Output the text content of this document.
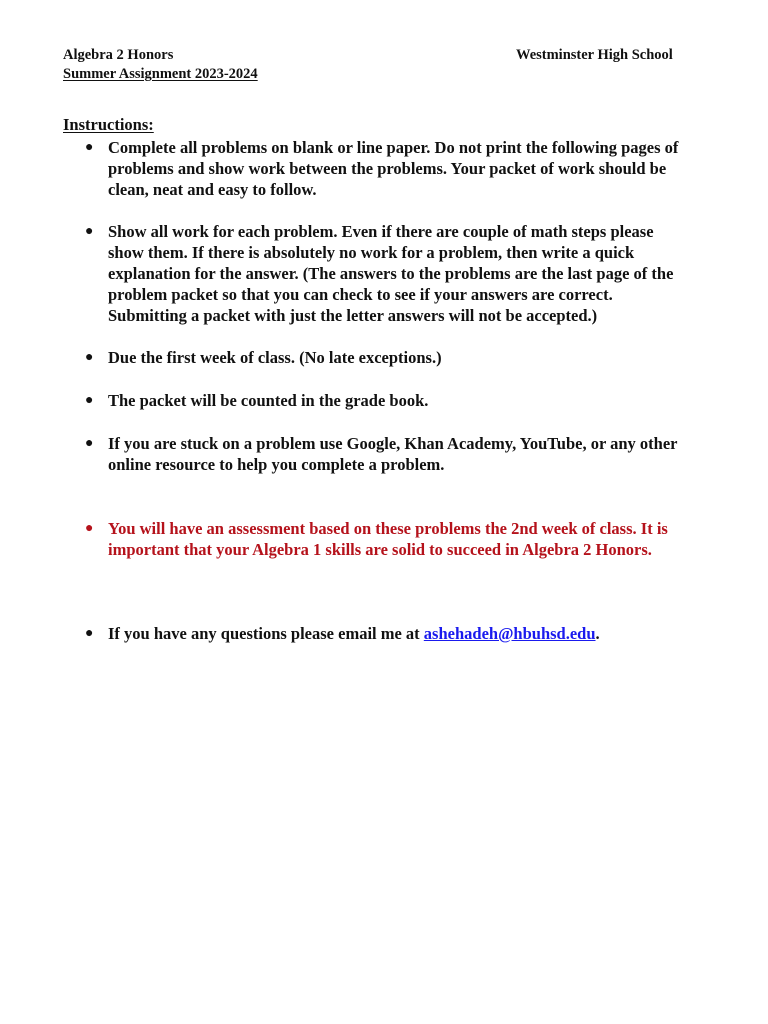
Algebra 2 Honors
Summer Assignment 2023-2024
Westminster High School
Instructions:
● Complete all problems on blank or line paper. Do not print the following pages of problems and show work between the problems. Your packet of work should be clean, neat and easy to follow.
● Show all work for each problem. Even if there are couple of math steps please show them. If there is absolutely no work for a problem, then write a quick explanation for the answer. (The answers to the problems are the last page of the problem packet so that you can check to see if your answers are correct. Submitting a packet with just the letter answers will not be accepted.)
● Due the first week of class. (No late exceptions.)
● The packet will be counted in the grade book.
● If you are stuck on a problem use Google, Khan Academy, YouTube, or any other online resource to help you complete a problem.
● You will have an assessment based on these problems the 2nd week of class. It is important that your Algebra 1 skills are solid to succeed in Algebra 2 Honors.
● If you have any questions please email me at ashehadeh@hbuhsd.edu.
